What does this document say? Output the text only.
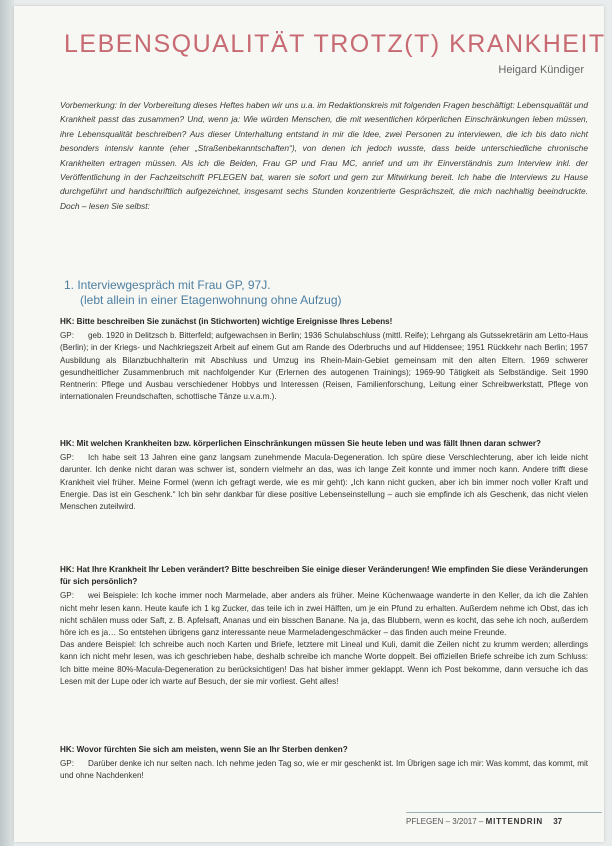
LEBENSQUALITÄT TROTZ(T) KRANKHEIT
Heigard Kündiger
Vorbemerkung: In der Vorbereitung dieses Heftes haben wir uns u.a. im Redaktionskreis mit folgenden Fragen beschäftigt: Lebensqualität und Krankheit passt das zusammen? Und, wenn ja: Wie würden Menschen, die mit wesentlichen körperlichen Einschränkungen leben müssen, ihre Lebensqualität beschreiben? Aus dieser Unterhaltung entstand in mir die Idee, zwei Personen zu interviewen, die ich bis dato nicht besonders intensiv kannte (eher „Straßenbekanntschaften“), von denen ich jedoch wusste, dass beide unterschiedliche chronische Krankheiten ertragen müssen. Als ich die Beiden, Frau GP und Frau MC, anrief und um ihr Einverständnis zum Interview inkl. der Veröffentlichung in der Fachzeitschrift PFLEGEN bat, waren sie sofort und gern zur Mitwirkung bereit. Ich habe die Interviews zu Hause durchgeführt und handschriftlich aufgezeichnet, insgesamt sechs Stunden konzentrierte Gesprächszeit, die mich nachhaltig beeindruckte. Doch – lesen Sie selbst:
1. Interviewgespräch mit Frau GP, 97J.
(lebt allein in einer Etagenwohnung ohne Aufzug)
HK: Bitte beschreiben Sie zunächst (in Stichworten) wichtige Ereignisse Ihres Lebens!
GP: geb. 1920 in Delitzsch b. Bitterfeld; aufgewachsen in Berlin; 1936 Schulabschluss (mittl. Reife); Lehrgang als Gutssekretärin am Letto-Haus (Berlin); in der Kriegs- und Nachkriegszeit Arbeit auf einem Gut am Rande des Oderbruchs und auf Hiddensee; 1951 Rückkehr nach Berlin; 1957 Ausbildung als Bilanzbuchhalterin mit Abschluss und Umzug ins Rhein-Main-Gebiet gemeinsam mit den alten Eltern. 1969 schwerer gesundheitlicher Zusammenbruch mit nachfolgender Kur (Erlernen des autogenen Trainings); 1969-90 Tätigkeit als Selbständige. Seit 1990 Rentnerin: Pflege und Ausbau verschiedener Hobbys und Interessen (Reisen, Familienforschung, Leitung einer Schreibwerkstatt, Pflege von internationalen Freundschaften, schottische Tänze u.v.a.m.).
HK: Mit welchen Krankheiten bzw. körperlichen Einschränkungen müssen Sie heute leben und was fällt Ihnen daran schwer?
GP: Ich habe seit 13 Jahren eine ganz langsam zunehmende Macula-Degeneration. Ich spüre diese Verschlechterung, aber ich leide nicht darunter. Ich denke nicht daran was schwer ist, sondern vielmehr an das, was ich lange Zeit konnte und immer noch kann. Andere trifft diese Krankheit viel früher. Meine Formel (wenn ich gefragt werde, wie es mir geht): „Ich kann nicht gucken, aber ich bin immer noch voller Kraft und Energie. Das ist ein Geschenk.“ Ich bin sehr dankbar für diese positive Lebenseinstellung – auch sie empfinde ich als Geschenk, das nicht vielen Menschen zuteilwird.
HK: Hat Ihre Krankheit Ihr Leben verändert? Bitte beschreiben Sie einige dieser Veränderungen! Wie empfinden Sie diese Veränderungen für sich persönlich?
GP: wei Beispiele: Ich koche immer noch Marmelade, aber anders als früher. Meine Küchenwaage wanderte in den Keller, da ich die Zahlen nicht mehr lesen kann. Heute kaufe ich 1 kg Zucker, das teile ich in zwei Hälften, um je ein Pfund zu erhalten. Außerdem nehme ich Obst, das ich nicht schälen muss oder Saft, z. B. Apfelsaft, Ananas und ein bisschen Banane. Na ja, das Blubbern, wenn es kocht, das sehe ich noch, außerdem höre ich es ja… So entstehen übrigens ganz interessante neue Marmeladengeschmäcker – das finden auch meine Freunde.
Das andere Beispiel: Ich schreibe auch noch Karten und Briefe, letztere mit Lineal und Kuli, damit die Zeilen nicht zu krumm werden; allerdings kann ich nicht mehr lesen, was ich geschrieben habe, deshalb schreibe ich manche Worte doppelt. Bei offiziellen Briefe schreibe ich zum Schluss: Ich bitte meine 80%-Macula-Degeneration zu berücksichtigen! Das hat bisher immer geklappt. Wenn ich Post bekomme, dann versuche ich das Lesen mit der Lupe oder ich warte auf Besuch, der sie mir vorliest. Geht alles!
HK: Wovor fürchten Sie sich am meisten, wenn Sie an Ihr Sterben denken?
GP: Darüber denke ich nur selten nach. Ich nehme jeden Tag so, wie er mir geschenkt ist. Im Übrigen sage ich mir: Was kommt, das kommt, mit und ohne Nachdenken!
PFLEGEN – 3/2017 – MITTENDRIN 37
